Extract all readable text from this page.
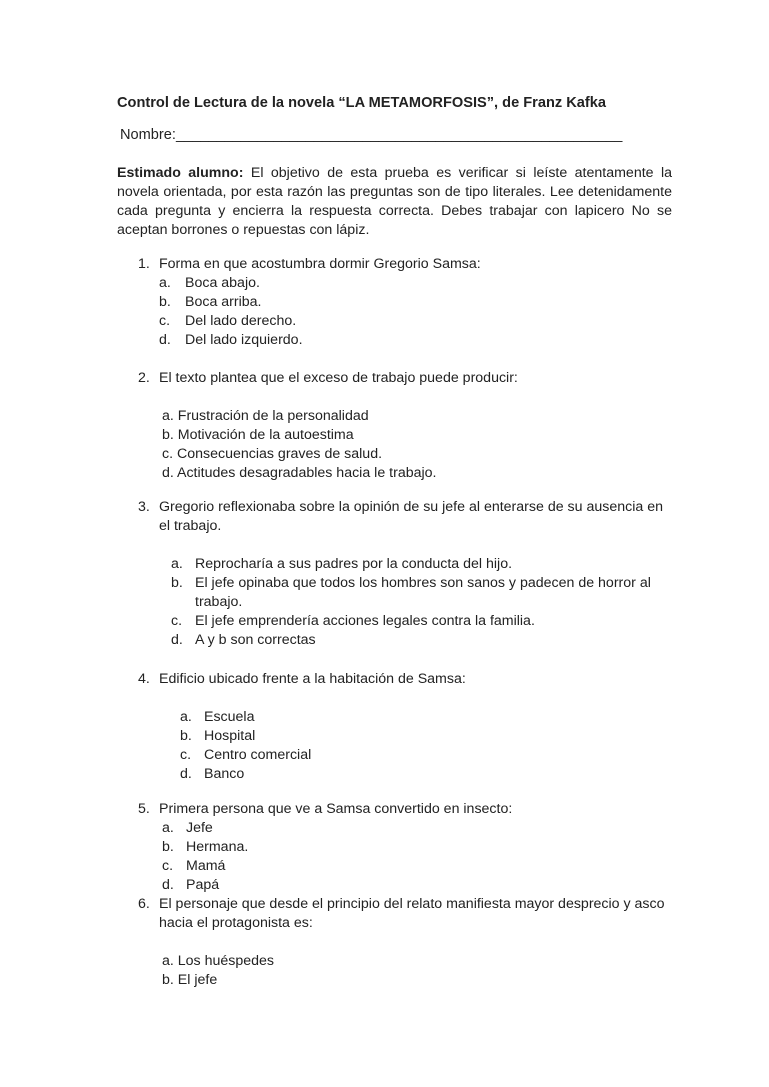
Control de Lectura de la novela “LA METAMORFOSIS”, de Franz Kafka
Nombre:_______________________________________________________

Estimado alumno: El objetivo de esta prueba es verificar si leíste atentamente la novela orientada, por esta razón las preguntas son de tipo literales. Lee detenidamente cada pregunta y encierra la respuesta correcta. Debes trabajar con lapicero No se aceptan borrones o repuestas con lápiz.

1. Forma en que acostumbra dormir Gregorio Samsa:
a. Boca abajo.
b. Boca arriba.
c. Del lado derecho.
d. Del lado izquierdo.
2. El texto plantea que el exceso de trabajo puede producir:
a. Frustración de la personalidad
b. Motivación de la autoestima
c. Consecuencias graves de salud.
d. Actitudes desagradables hacia le trabajo.
3. Gregorio reflexionaba sobre la opinión de su jefe al enterarse de su ausencia en
el trabajo.
a. Reprocharía a sus padres por la conducta del hijo.
b. El jefe opinaba que todos los hombres son sanos y padecen de horror al trabajo.
c. El jefe emprendería acciones legales contra la familia.
d. A y b son correctas
4. Edificio ubicado frente a la habitación de Samsa:
a. Escuela
b. Hospital
c. Centro comercial
d. Banco
5. Primera persona que ve a Samsa convertido en insecto:
a. Jefe
b. Hermana.
c. Mamá
d. Papá
6. El personaje que desde el principio del relato manifiesta mayor desprecio y asco
hacia el protagonista es:
a. Los huéspedes
b. El jefe
